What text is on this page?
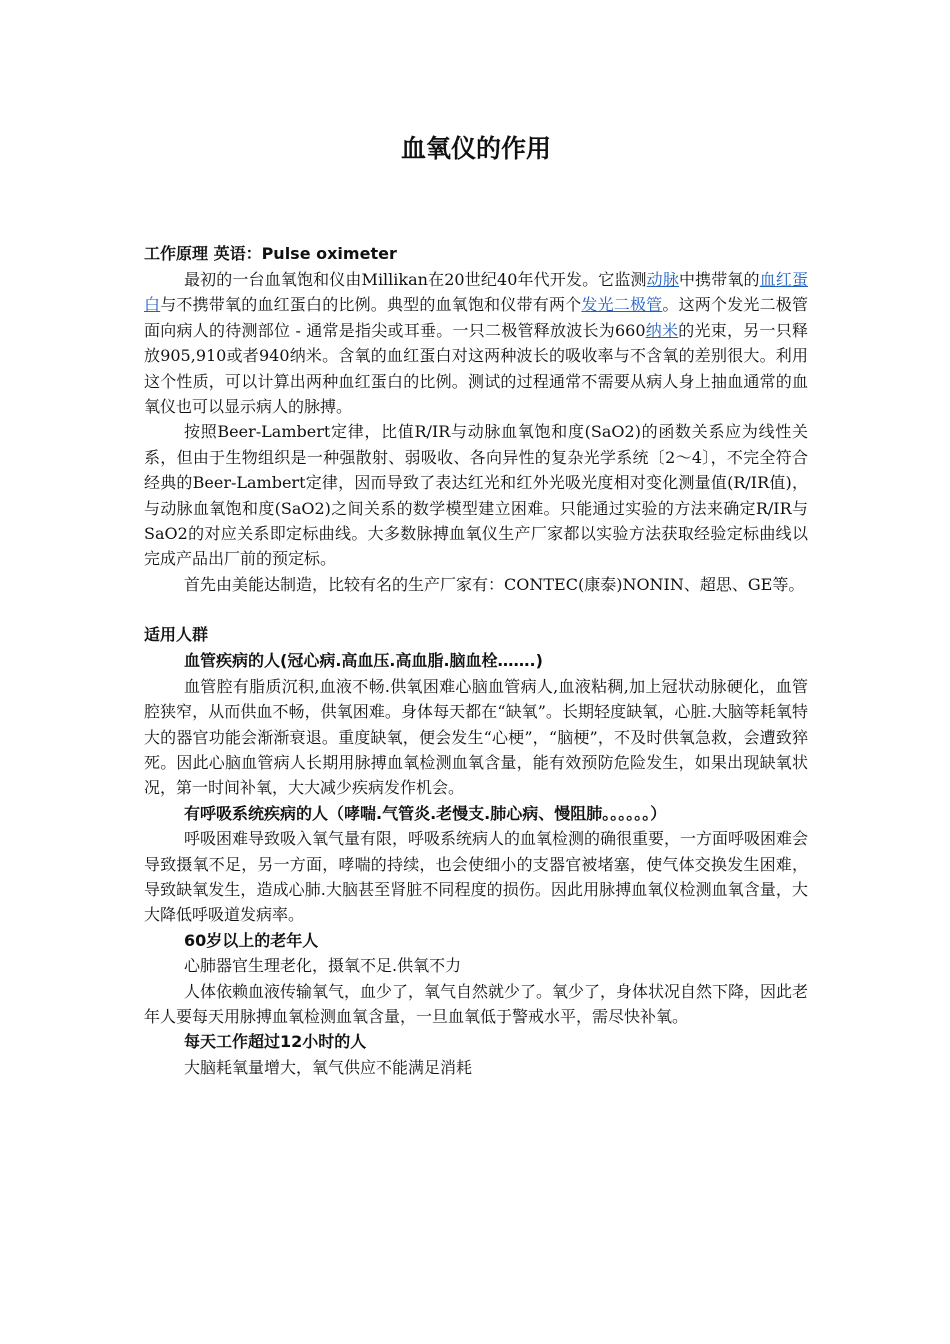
血氧仪的作用
工作原理 英语：Pulse oximeter

最初的一台血氧饱和仪由Millikan在20世纪40年代开发。它监测动脉中携带氧的血红蛋白与不携带氧的血红蛋白的比例。典型的血氧饱和仪带有两个发光二极管。这两个发光二极管面向病人的待测部位 - 通常是指尖或耳垂。一只二极管释放波长为660纳米的光束，另一只释放905,910或者940纳米。含氧的血红蛋白对这两种波长的吸收率与不含氧的差别很大。利用这个性质，可以计算出两种血红蛋白的比例。测试的过程通常不需要从病人身上抽血通常的血氧仪也可以显示病人的脉搏。

按照Beer-Lambert定律，比值R/IR与动脉血氧饱和度(SaO2)的函数关系应为线性关系，但由于生物组织是一种强散射、弱吸收、各向异性的复杂光学系统〔2～4〕，不完全符合经典的Beer-Lambert定律，因而导致了表达红光和红外光吸光度相对变化测量值(R/IR值)，与动脉血氧饱和度(SaO2)之间关系的数学模型建立困难。只能通过实验的方法来确定R/IR与SaO2的对应关系即定标曲线。大多数脉搏血氧仪生产厂家都以实验方法获取经验定标曲线以完成产品出厂前的预定标。

首先由美能达制造，比较有名的生产厂家有：CONTEC(康泰)NONIN、超思、GE等。

适用人群
血管疾病的人(冠心病.高血压.高血脂.脑血栓…….)

血管腔有脂质沉积,血液不畅.供氧困难心脑血管病人,血液粘稠,加上冠状动脉硬化，血管腔狭窄，从而供血不畅，供氧困难。身体每天都在“缺氧”。长期轻度缺氧，心脏.大脑等耗氧特大的器官功能会渐渐衰退。重度缺氧，便会发生“心梗”，“脑梗”，不及时供氧急救，会遭致猝死。因此心脑血管病人长期用脉搏血氧检测血氧含量，能有效预防危险发生，如果出现缺氧状况，第一时间补氧，大大减少疾病发作机会。

有呼吸系统疾病的人（哮喘.气管炎.老慢支.肺心病、慢阻肺。。。。。。）

呼吸困难导致吸入氧气量有限，呼吸系统病人的血氧检测的确很重要，一方面呼吸困难会导致摄氧不足，另一方面，哮喘的持续，也会使细小的支器官被堵塞，使气体交换发生困难，导致缺氧发生，造成心肺.大脑甚至肾脏不同程度的损伤。因此用脉搏血氧仪检测血氧含量，大大降低呼吸道发病率。

60岁以上的老年人

心肺器官生理老化，摄氧不足.供氧不力

人体依赖血液传输氧气，血少了，氧气自然就少了。氧少了，身体状况自然下降，因此老年人要每天用脉搏血氧检测血氧含量，一旦血氧低于警戒水平，需尽快补氧。

每天工作超过12小时的人

大脑耗氧量增大，氧气供应不能满足消耗
